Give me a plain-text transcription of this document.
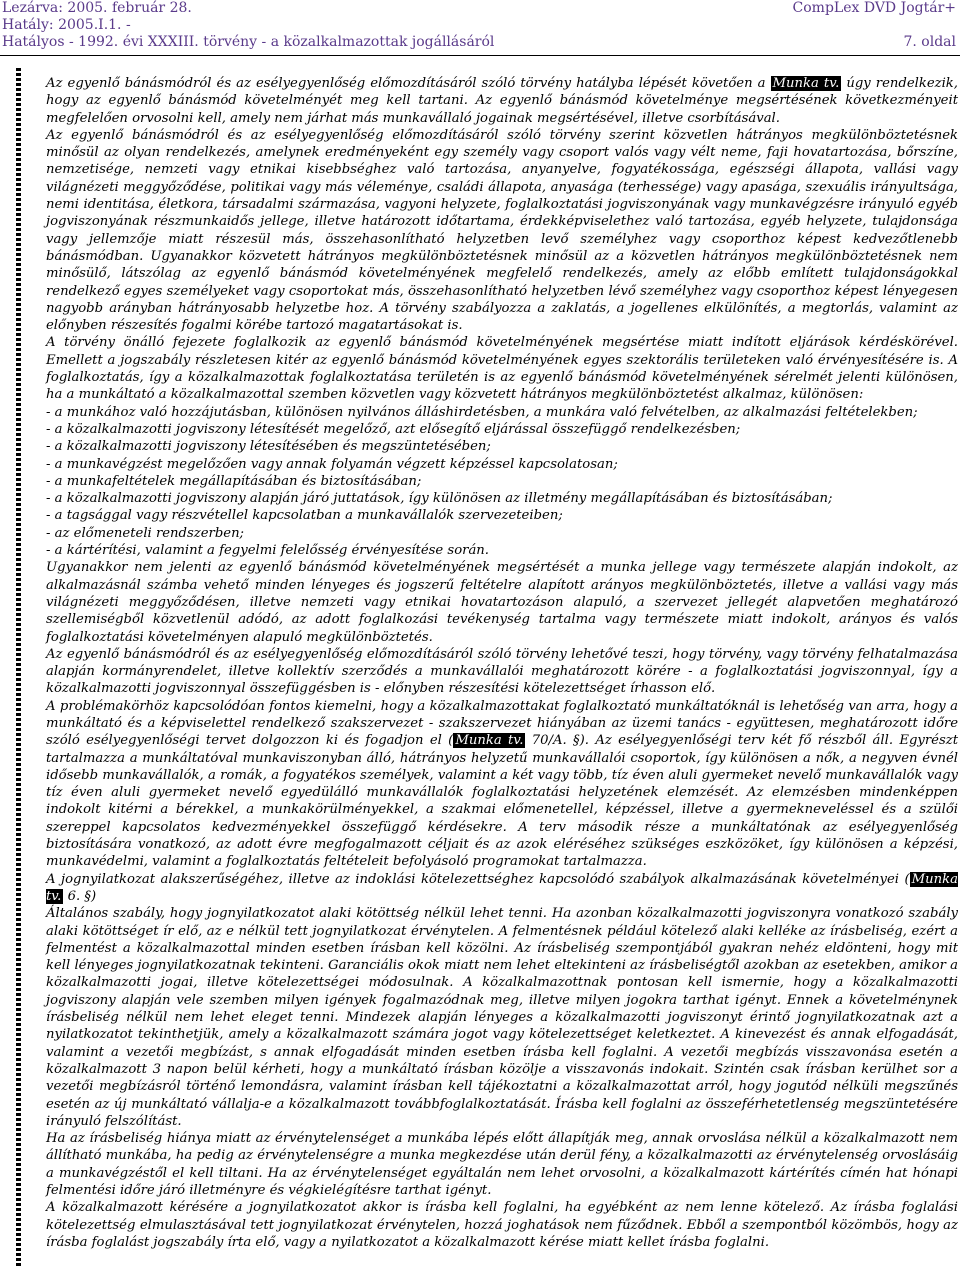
Lezárva: 2005. február 28.	CompLex DVD Jogtár+
Hatály: 2005.I.1. -
Hatályos - 1992. évi XXXIII. törvény - a közalkalmazottak jogállásáról	7. oldal

Az egyenlő bánásmódról és az esélyegyenlőség előmozdításáról szóló törvény hatályba lépését követően a Munka tv. úgy rendelkezik, hogy az egyenlő bánásmód követelményét meg kell tartani. Az egyenlő bánásmód követelménye megsértésének következményeit megfelelően orvosolni kell, amely nem járhat más munkavállaló jogainak megsértésével, illetve csorbításával.

Az egyenlő bánásmódról és az esélyegyenlőség előmozdításáról szóló törvény szerint közvetlen hátrányos megkülönböztetésnek minősül az olyan rendelkezés, amelynek eredményeként egy személy vagy csoport valós vagy vélt neme, faji hovatartozása, bőrszíne, nemzetisége, nemzeti vagy etnikai kisebbséghez való tartozása, anyanyelve, fogyatékossága, egészségi állapota, vallási vagy világnézeti meggyőződése, politikai vagy más véleménye, családi állapota, anyasága (terhessége) vagy apasága, szexuális irányultsága, nemi identitása, életkora, társadalmi származása, vagyoni helyzete, foglalkoztatási jogviszonyának vagy munkavégzésre irányuló egyéb jogviszonyának részmunkaidős jellege, illetve határozott időtartama, érdekképviselethez való tartozása, egyéb helyzete, tulajdonsága vagy jellemzője miatt részesül más, összehasonlítható helyzetben levő személyhez vagy csoporthoz képest kedvezőtlenebb bánásmódban. Ugyanakkor közvetett hátrányos megkülönböztetésnek minősül az a közvetlen hátrányos megkülönböztetésnek nem minősülő, látszólag az egyenlő bánásmód követelményének megfelelő rendelkezés, amely az előbb említett tulajdonságokkal rendelkező egyes személyeket vagy csoportokat más, összehasonlítható helyzetben lévő személyhez vagy csoporthoz képest lényegesen nagyobb arányban hátrányosabb helyzetbe hoz. A törvény szabályozza a zaklatás, a jogellenes elkülönítés, a megtorlás, valamint az előnyben részesítés fogalmi körébe tartozó magatartásokat is.

A törvény önálló fejezete foglalkozik az egyenlő bánásmód követelményének megsértése miatt indított eljárások kérdéskörével. Emellett a jogszabály részletesen kitér az egyenlő bánásmód követelményének egyes szektorális területeken való érvényesítésére is. A foglalkoztatás, így a közalkalmazottak foglalkoztatása területén is az egyenlő bánásmód követelményének sérelmét jelenti különösen, ha a munkáltató a közalkalmazottal szemben közvetlen vagy közvetett hátrányos megkülönböztetést alkalmaz, különösen:

- a munkához való hozzájutásban, különösen nyilvános álláshirdetésben, a munkára való felvételben, az alkalmazási feltételekben;

- a közalkalmazotti jogviszony létesítését megelőző, azt elősegítő eljárással összefüggő rendelkezésben;

- a közalkalmazotti jogviszony létesítésében és megszüntetésében;

- a munkavégzést megelőzően vagy annak folyamán végzett képzéssel kapcsolatosan;

- a munkafeltételek megállapításában és biztosításában;

- a közalkalmazotti jogviszony alapján járó juttatások, így különösen az illetmény megállapításában és biztosításában;

- a tagsággal vagy részvétellel kapcsolatban a munkavállalók szervezeteiben;

- az előmeneteli rendszerben;

- a kártérítési, valamint a fegyelmi felelősség érvényesítése során.

Ugyanakkor nem jelenti az egyenlő bánásmód követelményének megsértését a munka jellege vagy természete alapján indokolt, az alkalmazásnál számba vehető minden lényeges és jogszerű feltételre alapított arányos megkülönböztetés, illetve a vallási vagy más világnézeti meggyőződésen, illetve nemzeti vagy etnikai hovatartozáson alapuló, a szervezet jellegét alapvetően meghatározó szellemiségből közvetlenül adódó, az adott foglalkozási tevékenység tartalma vagy természete miatt indokolt, arányos és valós foglalkoztatási követelményen alapuló megkülönböztetés.

Az egyenlő bánásmódról és az esélyegyenlőség előmozdításáról szóló törvény lehetővé teszi, hogy törvény, vagy törvény felhatalmazása alapján kormányrendelet, illetve kollektív szerződés a munkavállalói meghatározott körére - a foglalkoztatási jogviszonnyal, így a közalkalmazotti jogviszonnyal összefüggésben is - előnyben részesítési kötelezettséget írhasson elő.

A problémakörhöz kapcsolódóan fontos kiemelni, hogy a közalkalmazottakat foglalkoztató munkáltatóknál is lehetőség van arra, hogy a munkáltató és a képviselettel rendelkező szakszervezet - szakszervezet hiányában az üzemi tanács - együttesen, meghatározott időre szóló esélyegyenlőségi tervet dolgozzon ki és fogadjon el ( Munka tv. 70/A. §). Az esélyegyenlőségi terv két fő részből áll. Egyrészt tartalmazza a munkáltatóval munkaviszonyban álló, hátrányos helyzetű munkavállalói csoportok, így különösen a nők, a negyven évnél idősebb munkavállalók, a romák, a fogyatékos személyek, valamint a két vagy több, tíz éven aluli gyermeket nevelő munkavállalók vagy tíz éven aluli gyermeket nevelő egyedülálló munkavállalók foglalkoztatási helyzetének elemzését. Az elemzésben mindenképpen indokolt kitérni a bérekkel, a munkakörülményekkel, a szakmai előmenetellel, képzéssel, illetve a gyermekneveléssel és a szülői szereppel kapcsolatos kedvezményekkel összefüggő kérdésekre. A terv második része a munkáltatónak az esélyegyenlőség biztosítására vonatkozó, az adott évre megfogalmazott céljait és az azok eléréséhez szükséges eszközöket, így különösen a képzési, munkavédelmi, valamint a foglalkoztatás feltételeit befolyásoló programokat tartalmazza.

A jognyilatkozat alakszerűségéhez, illetve az indoklási kötelezettséghez kapcsolódó szabályok alkalmazásának követelményei ( Munka tv. 6. §)

Általános szabály, hogy jognyilatkozatot alaki kötöttség nélkül lehet tenni. Ha azonban közalkalmazotti jogviszonyra vonatkozó szabály alaki kötöttséget ír elő, az e nélkül tett jognyilatkozat érvénytelen. A felmentésnek például kötelező alaki kelléke az írásbeliség, ezért a felmentést a közalkalmazottal minden esetben írásban kell közölni. Az írásbeliség szempontjából gyakran nehéz eldönteni, hogy mit kell lényeges jognyilatkozatnak tekinteni. Garanciális okok miatt nem lehet eltekinteni az írásbeliségtől azokban az esetekben, amikor a közalkalmazotti jogai, illetve kötelezettségei módosulnak. A közalkalmazottnak pontosan kell ismernie, hogy a közalkalmazotti jogviszony alapján vele szemben milyen igények fogalmazódnak meg, illetve milyen jogokra tarthat igényt. Ennek a követelménynek írásbeliség nélkül nem lehet eleget tenni. Mindezek alapján lényeges a közalkalmazotti jogviszonyt érintő jognyilatkozatnak azt a nyilatkozatot tekinthetjük, amely a közalkalmazott számára jogot vagy kötelezettséget keletkeztet. A kinevezést és annak elfogadását, valamint a vezetői megbízást, s annak elfogadását minden esetben írásba kell foglalni. A vezetői megbízás visszavonása esetén a közalkalmazott 3 napon belül kérheti, hogy a munkáltató írásban közölje a visszavonás indokait. Szintén csak írásban kerülhet sor a vezetői megbízásról történő lemondásra, valamint írásban kell tájékoztatni a közalkalmazottat arról, hogy jogutód nélküli megszűnés esetén az új munkáltató vállalja-e a közalkalmazott továbbfoglalkoztatását. Írásba kell foglalni az összeférhetetlenség megszüntetésére irányuló felszólítást.

Ha az írásbeliség hiánya miatt az érvénytelenséget a munkába lépés előtt állapítják meg, annak orvoslása nélkül a közalkalmazott nem állítható munkába, ha pedig az érvénytelenségre a munka megkezdése után derül fény, a közalkalmazotti az érvénytelenség orvoslásáig a munkavégzéstől el kell tiltani. Ha az érvénytelenséget egyáltalán nem lehet orvosolni, a közalkalmazott kártérítés címén hat hónapi felmentési időre járó illetményre és végkielégítésre tarthat igényt.

A közalkalmazott kérésére a jognyilatkozatot akkor is írásba kell foglalni, ha egyébként az nem lenne kötelező. Az írásba foglalási kötelezettség elmulasztásával tett jognyilatkozat érvénytelen, hozzá joghatások nem fűződnek. Ebből a szempontból közömbös, hogy az írásba foglalást jogszabály írta elő, vagy a nyilatkozatot a közalkalmazott kérése miatt kellet írásba foglalni.
